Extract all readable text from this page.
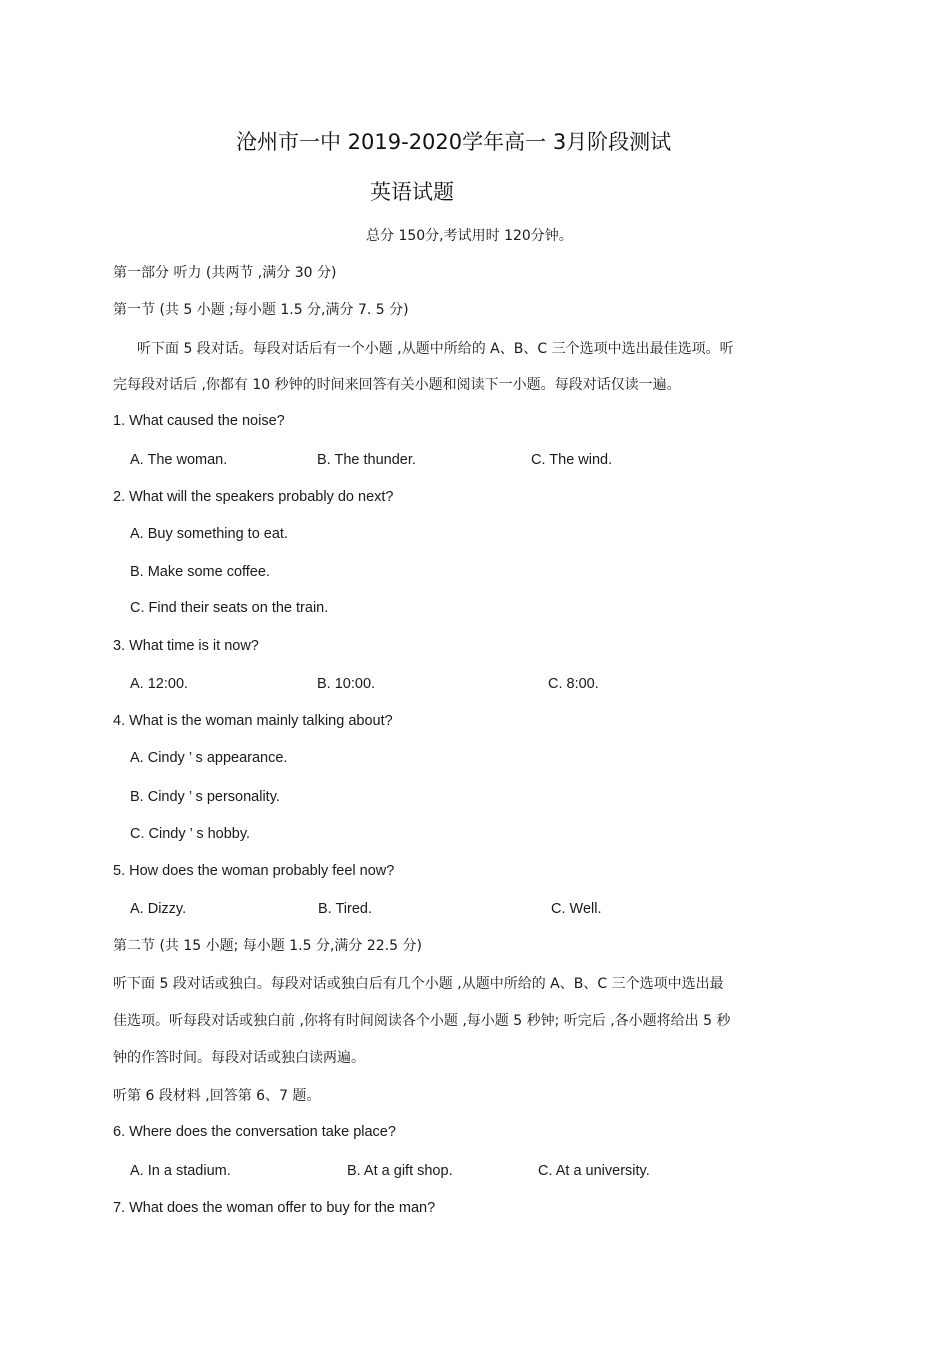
沧州市一中 2019-2020学年高一 3月阶段测试
英语试题
总分 150分,考试用时 120分钟。
第一部分 听力 (共两节 ,满分 30 分)
第一节 (共 5 小题 ;每小题 1.5 分,满分 7. 5 分)
听下面 5 段对话。每段对话后有一个小题 ,从题中所给的 A、B、C 三个选项中选出最佳选项。听
完每段对话后 ,你都有 10 秒钟的时间来回答有关小题和阅读下一小题。每段对话仅读一遍。
1. What caused the noise?
A. The woman.	B. The thunder.	C. The wind.
2. What will the speakers probably do next?
A. Buy something to eat.
B. Make some coffee.
C. Find their seats on the train.
3. What time is it now?
A. 12:00.	B. 10:00.	C. 8:00.
4. What is the woman mainly talking about?
A. Cindy ’ s appearance.
B. Cindy ’ s personality.
C. Cindy ’ s hobby.
5. How does the woman probably feel now?
A. Dizzy.	B. Tired.	C. Well.
第二节 (共 15 小题; 每小题 1.5 分,满分 22.5 分)
听下面 5 段对话或独白。每段对话或独白后有几个小题 ,从题中所给的 A、B、C 三个选项中选出最
佳选项。听每段对话或独白前 ,你将有时间阅读各个小题 ,每小题 5 秒钟; 听完后 ,各小题将给出 5 秒
钟的作答时间。每段对话或独白读两遍。
听第 6 段材料 ,回答第 6、7 题。
6. Where does the conversation take place?
A. In a stadium.	B. At a gift shop.	C. At a university.
7. What does the woman offer to buy for the man?
